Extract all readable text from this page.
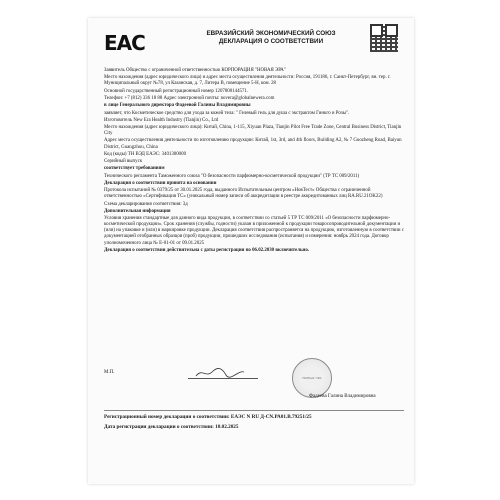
EAC	ЕВРАЗИЙСКИЙ ЭКОНОМИЧЕСКИЙ СОЮЗ
ДЕКЛАРАЦИЯ О СООТВЕТСТВИИ

Заявитель Общество с ограниченной ответственностью КОРПОРАЦИЯ "НОВАЯ ЭРА"

Место нахождения (адрес юридического лица) и адрес места осуществления деятельности: Россия, 191186, г. Санкт-Петербург, вн. тер. г. Муниципальный округ №78, ул Казанская, д. 7, Литера В, помещение 5-Н, ком. 28

Основной государственный регистрационный номер 1207800144571.

Телефон: +7 (812) 336 18 88 Адрес электронной почты: novera@globalnewera.com

в лице Генерального директора Фадеевой Галины Владимировны

заявляет, что Косметическое средство для ухода за кожей тела: " Гелевый гель для душа с экстрактом Гинкго и Розы".

Изготовитель New Era Health Industry (Tianjin) Co., Ltd

Место нахождения (адрес юридического лица): Китай, China, 1-115, Xiyuan Plaza, Tianjin Pilot Free Trade Zone, Central Business District, Tianjin City

Адрес места осуществления деятельности по изготовлению продукции: Китай, 1st, 3rd, and 4th floors, Building A2, № 7 Guozheng Road, Baiyun District, Guangzhou, China

Код (коды) ТН ВЭД ЕАЭС: 3401300000

Серийный выпуск

соответствует требованиям

Технического регламента Таможенного союза "О безопасности парфюмерно-косметической продукции" (ТР ТС 009/2011)

Декларация о соответствии принята на основании

Протокола испытаний № 0379/25 от 30.01.2025 года, выданного Испытательным центром «НовТест» Общества с ограниченной ответственностью «Сертификация ТС» (уникальный номер записи об аккредитации в реестре аккредитованных лиц RA.RU.21OK22)

Схема декларирования соответствия: 3д

Дополнительная информация

Условия хранения стандартные для данного вида продукции, в соответствии со статьей 5 ТР ТС 009/2011 «О безопасности парфюмерно-косметической продукции». Срок хранения (службы, годности) указан в приложенной к продукции товаросопроводительной документации и (или) на упаковке и (или) в маркировке продукции. Декларация соответствия распространяется на продукцию, изготовленную в соответствии с документацией отобранных образцов (проб) продукции, прошедших исследования (испытания) и измерения: ноябрь 2024 года. Договор уполномоченного лица № Е-01-01 от 09.01.2025

Декларация о соответствии действительна с даты регистрации по 06.02.2030 включительно.

М.П.
НОВАЯ ЭРА
Фадеева Галина Владимировна
Регистрационный номер декларации о соответствии: ЕАЭС N RU Д-CN.РА01.В.79251/25
Дата регистрации декларации о соответствии: 10.02.2025
